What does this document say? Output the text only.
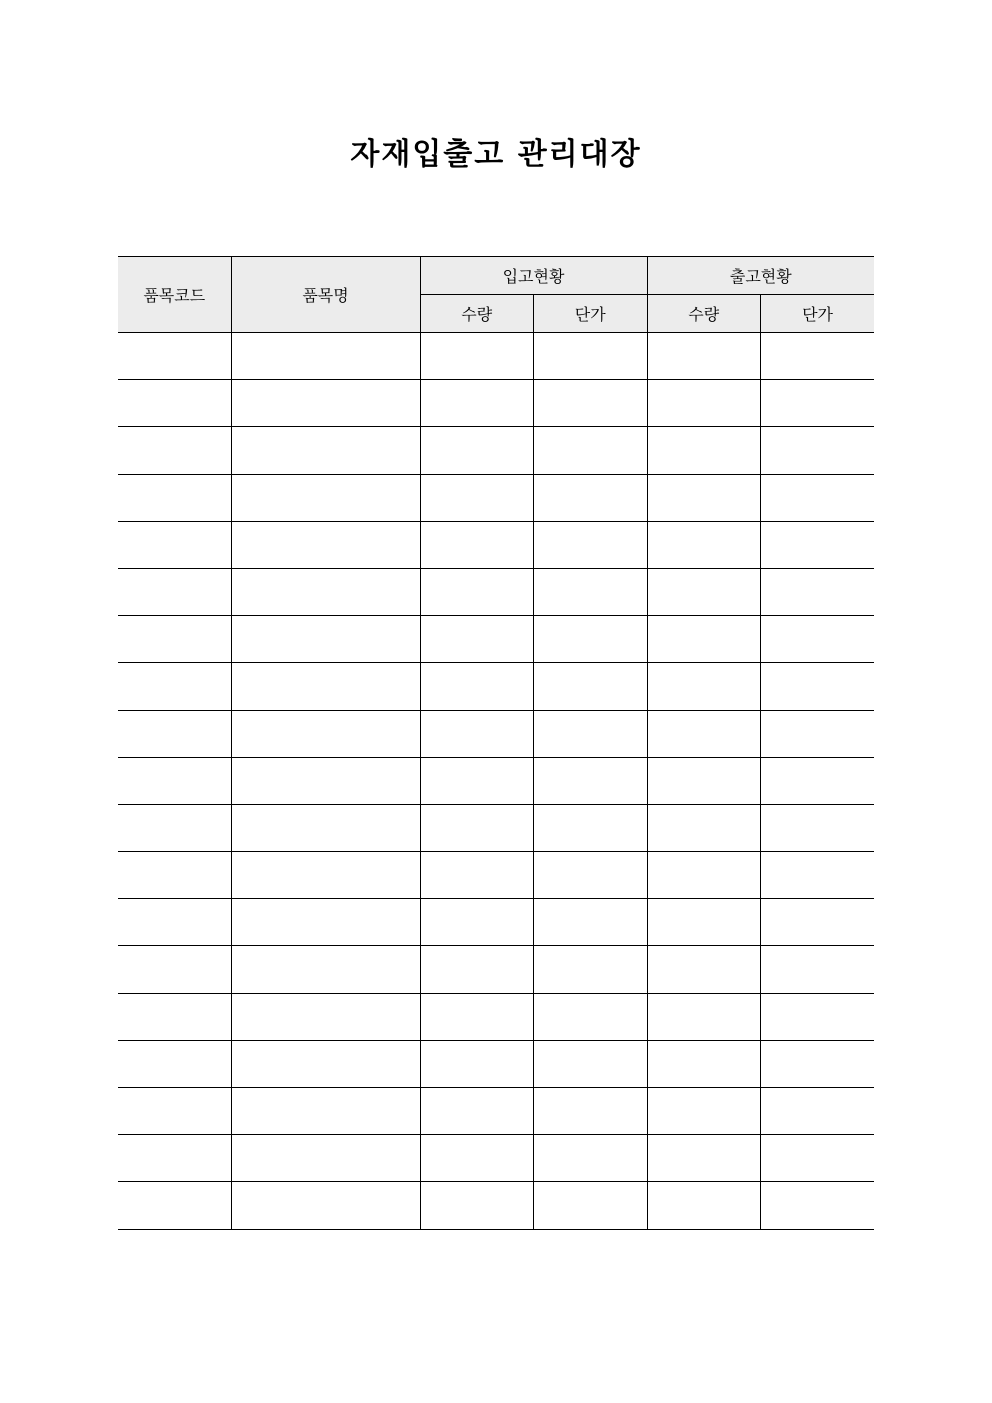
자재입출고 관리대장
품목코드	품목명	입고현황		출고현황	
		수량	단가	수량	단가
